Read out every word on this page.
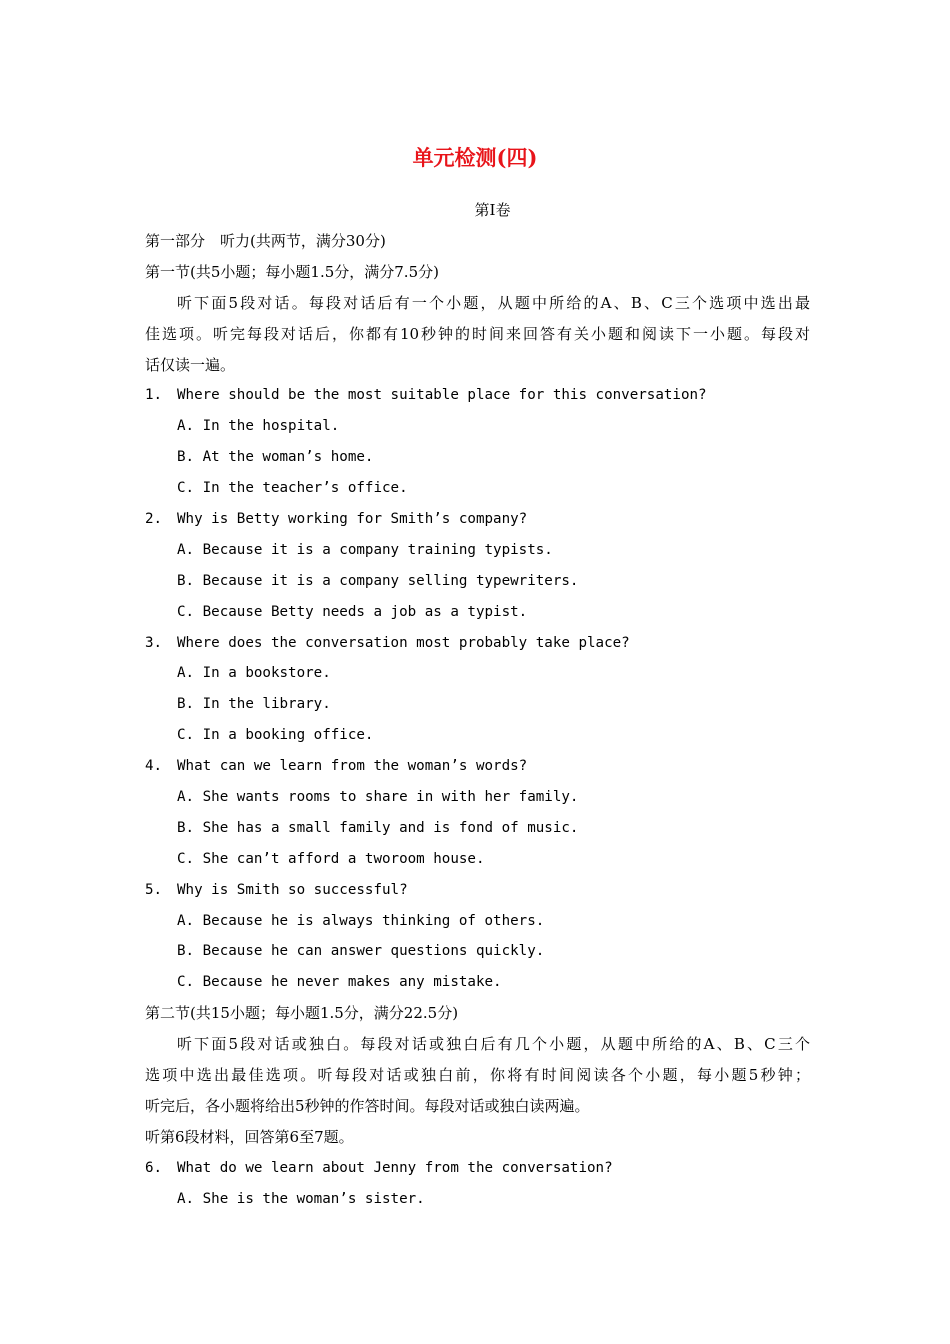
单元检测(四)
第Ⅰ卷
第一部分　听力(共两节，满分30分)
第一节(共5小题；每小题1.5分，满分7.5分)
听下面5段对话。每段对话后有一个小题，从题中所给的A、B、C三个选项中选出最
佳选项。听完每段对话后，你都有10秒钟的时间来回答有关小题和阅读下一小题。每段对
话仅读一遍。
1. Where should be the most suitable place for this conversation?
A. In the hospital.
B. At the woman’s home.
C. In the teacher’s office.
2. Why is Betty working for Smith’s company?
A. Because it is a company training typists.
B. Because it is a company selling typewriters.
C. Because Betty needs a job as a typist.
3. Where does the conversation most probably take place?
A. In a bookstore.
B. In the library.
C. In a booking office.
4. What can we learn from the woman’s words?
A. She wants rooms to share in with her family.
B. She has a small family and is fond of music.
C. She can’t afford a tworoom house.
5. Why is Smith so successful?
A. Because he is always thinking of others.
B. Because he can answer questions quickly.
C. Because he never makes any mistake.
第二节(共15小题；每小题1.5分，满分22.5分)
听下面5段对话或独白。每段对话或独白后有几个小题，从题中所给的A、B、C三个
选项中选出最佳选项。听每段对话或独白前，你将有时间阅读各个小题，每小题5秒钟；
听完后，各小题将给出5秒钟的作答时间。每段对话或独白读两遍。
听第6段材料，回答第6至7题。
6. What do we learn about Jenny from the conversation?
A. She is the woman’s sister.
